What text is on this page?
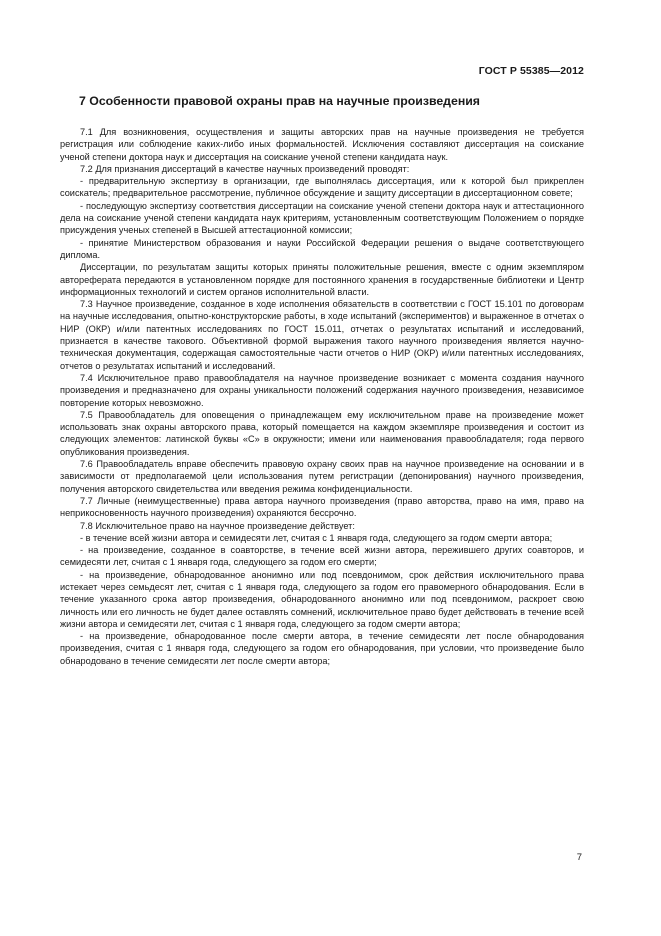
ГОСТ Р 55385—2012
7 Особенности правовой охраны прав на научные произведения

7.1 Для возникновения, осуществления и защиты авторских прав на научные произведения не требуется регистрация или соблюдение каких-либо иных формальностей. Исключения составляют диссертация на соискание ученой степени доктора наук и диссертация на соискание ученой степени кандидата наук.

7.2 Для признания диссертаций в качестве научных произведений проводят:

- предварительную экспертизу в организации, где выполнялась диссертация, или к которой был прикреплен соискатель; предварительное рассмотрение, публичное обсуждение и защиту диссертации в диссертационном совете;

- последующую экспертизу соответствия диссертации на соискание ученой степени доктора наук и аттестационного дела на соискание ученой степени кандидата наук критериям, установленным соответствующим Положением о порядке присуждения ученых степеней в Высшей аттестационной комиссии;

- принятие Министерством образования и науки Российской Федерации решения о выдаче соответствующего диплома.

Диссертации, по результатам защиты которых приняты положительные решения, вместе с одним экземпляром автореферата передаются в установленном порядке для постоянного хранения в государственные библиотеки и Центр информационных технологий и систем органов исполнительной власти.

7.3 Научное произведение, созданное в ходе исполнения обязательств в соответствии с ГОСТ 15.101 по договорам на научные исследования, опытно-конструкторские работы, в ходе испытаний (экспериментов) и выраженное в отчетах о НИР (ОКР) и/или патентных исследованиях по ГОСТ 15.011, отчетах о результатах испытаний и исследований, признается в качестве такового. Объективной формой выражения такого научного произведения является научно-техническая документация, содержащая самостоятельные части отчетов о НИР (ОКР) и/или патентных исследованиях, отчетов о результатах испытаний и исследований.

7.4 Исключительное право правообладателя на научное произведение возникает с момента создания научного произведения и предназначено для охраны уникальности положений содержания научного произведения, независимое повторение которых невозможно.

7.5 Правообладатель для оповещения о принадлежащем ему исключительном праве на произведение может использовать знак охраны авторского права, который помещается на каждом экземпляре произведения и состоит из следующих элементов: латинской буквы «C» в окружности; имени или наименования правообладателя; года первого опубликования произведения.

7.6 Правообладатель вправе обеспечить правовую охрану своих прав на научное произведение на основании и в зависимости от предполагаемой цели использования путем регистрации (депонирования) научного произведения, получения авторского свидетельства или введения режима конфиденциальности.

7.7 Личные (неимущественные) права автора научного произведения (право авторства, право на имя, право на неприкосновенность научного произведения) охраняются бессрочно.

7.8 Исключительное право на научное произведение действует:

- в течение всей жизни автора и семидесяти лет, считая с 1 января года, следующего за годом смерти автора;

- на произведение, созданное в соавторстве, в течение всей жизни автора, пережившего других соавторов, и семидесяти лет, считая с 1 января года, следующего за годом его смерти;

- на произведение, обнародованное анонимно или под псевдонимом, срок действия исключительного права истекает через семьдесят лет, считая с 1 января года, следующего за годом его правомерного обнародования. Если в течение указанного срока автор произведения, обнародованного анонимно или под псевдонимом, раскроет свою личность или его личность не будет далее оставлять сомнений, исключительное право будет действовать в течение всей жизни автора и семидесяти лет, считая с 1 января года, следующего за годом смерти автора;

- на произведение, обнародованное после смерти автора, в течение семидесяти лет после обнародования произведения, считая с 1 января года, следующего за годом его обнародования, при условии, что произведение было обнародовано в течение семидесяти лет после смерти автора;

7
